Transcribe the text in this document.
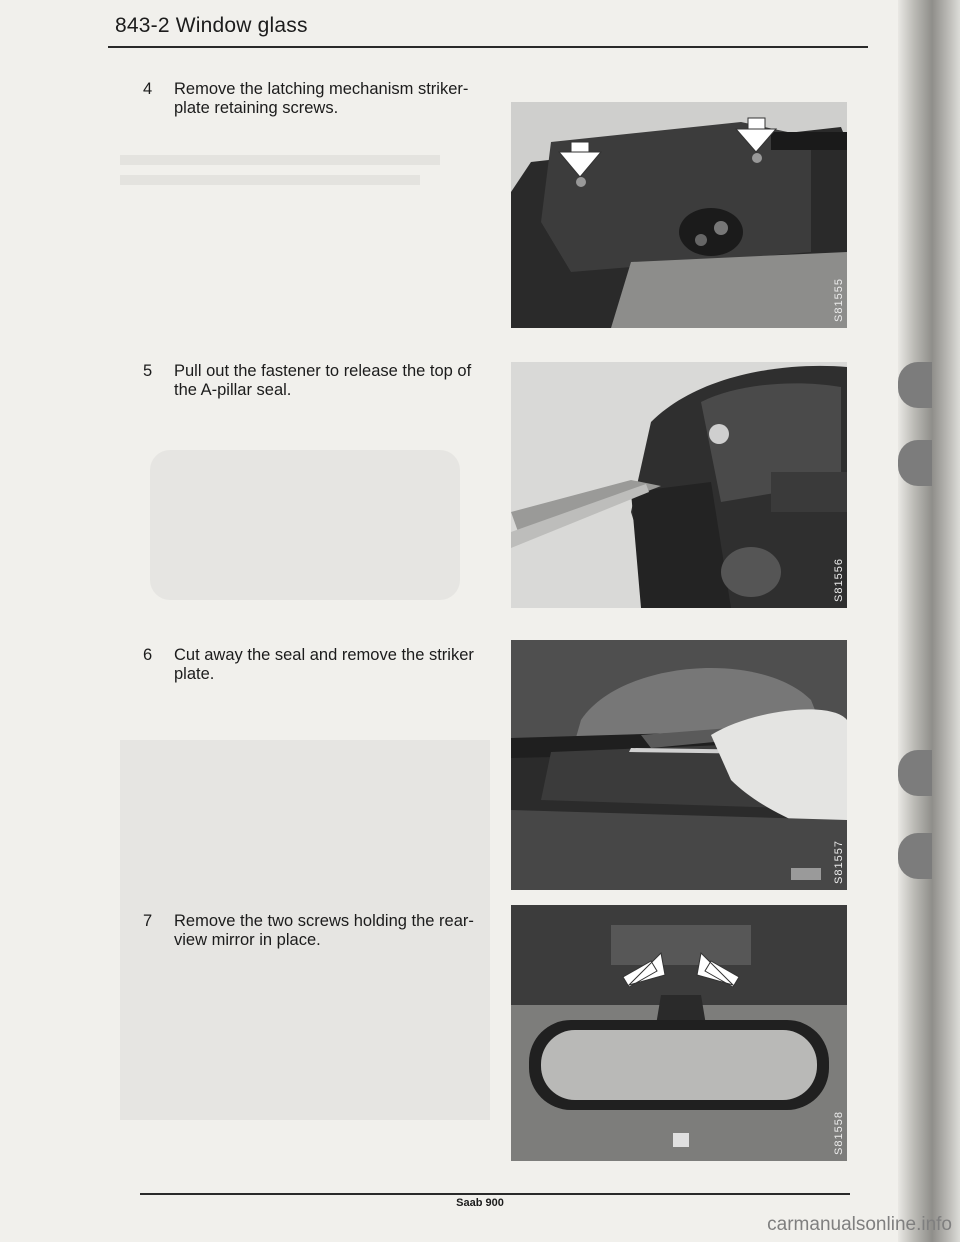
843-2 Window glass
4 Remove the latching mechanism striker-plate retaining screws.
S81555
5 Pull out the fastener to release the top of the A-pillar seal.
S81556
6 Cut away the seal and remove the striker plate.
S81557
7 Remove the two screws holding the rear-view mirror in place.
S81558
Saab 900
carmanualsonline.info
